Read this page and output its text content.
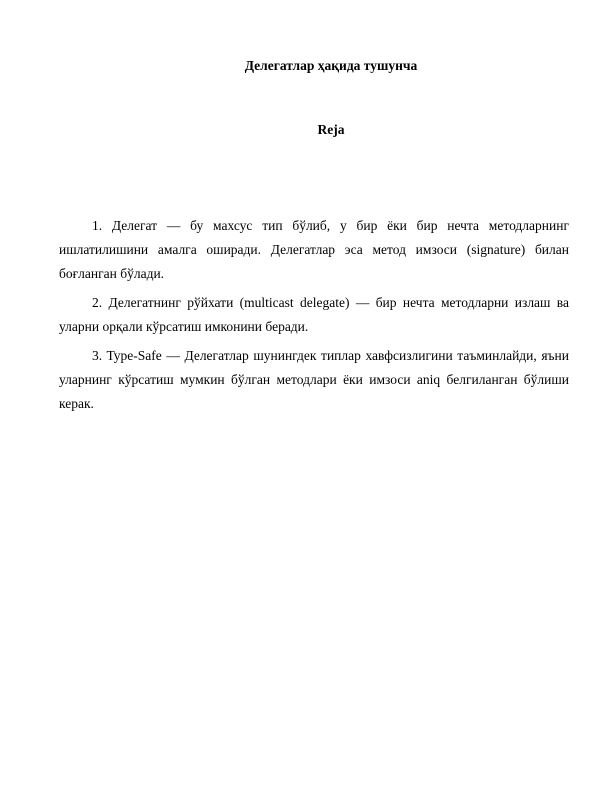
Делегатлар ҳақида тушунча
Reja

1. Делегат — бу махсус тип бўлиб, у бир ёки бир нечта методларнинг ишлатилишини амалга оширади. Делегатлар эса метод имзоси (signature) билан боғланган бўлади.

2. Делегатнинг рўйхати (multicast delegate) — бир нечта методларни излаш ва уларни орқали кўрсатиш имконини беради.

3. Type-Safe — Делегатлар шунингдек типлар хавфсизлигини таъминлайди, яъни уларнинг кўрсатиш мумкин бўлган методлари ёки имзоси aniq белгиланган бўлиши керак.
